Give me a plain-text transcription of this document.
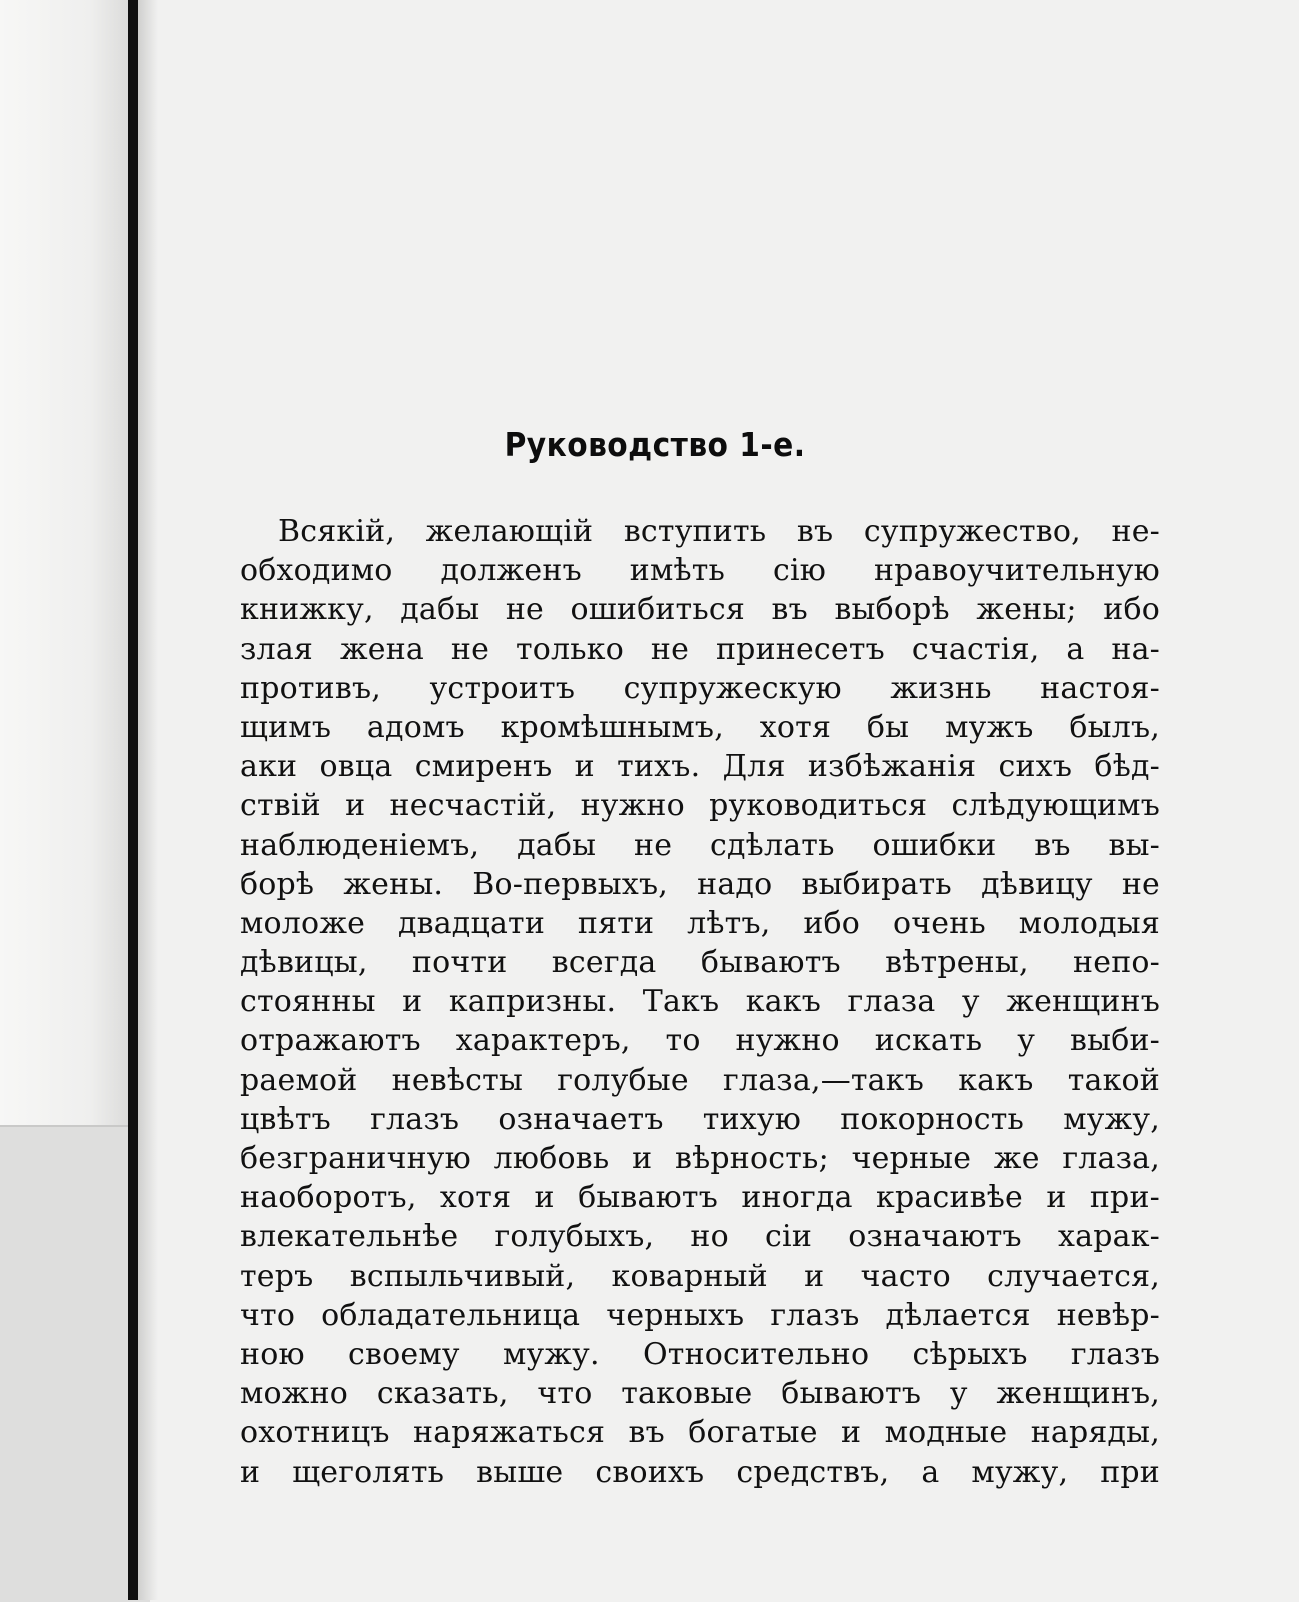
Руководство 1-е.
Всякій, желающій вступить въ супружество, не-
обходимо долженъ имѣть сію нравоучительную
книжку, дабы не ошибиться въ выборѣ жены; ибо
злая жена не только не принесетъ счастія, а на-
противъ, устроитъ супружескую жизнь настоя-
щимъ адомъ кромѣшнымъ, хотя бы мужъ былъ,
аки овца смиренъ и тихъ. Для избѣжанія сихъ бѣд-
ствій и несчастій, нужно руководиться слѣдующимъ
наблюденіемъ, дабы не сдѣлать ошибки въ вы-
борѣ жены. Во-первыхъ, надо выбирать дѣвицу не
моложе двадцати пяти лѣтъ, ибо очень молодыя
дѣвицы, почти всегда бываютъ вѣтрены, непо-
стоянны и капризны. Такъ какъ глаза у женщинъ
отражаютъ характеръ, то нужно искать у выби-
раемой невѣсты голубые глаза,—такъ какъ такой
цвѣтъ глазъ означаетъ тихую покорность мужу,
безграничную любовь и вѣрность; черные же глаза,
наоборотъ, хотя и бываютъ иногда красивѣе и при-
влекательнѣе голубыхъ, но сіи означаютъ харак-
теръ вспыльчивый, коварный и часто случается,
что обладательница черныхъ глазъ дѣлается невѣр-
ною своему мужу. Относительно сѣрыхъ глазъ
можно сказать, что таковые бываютъ у женщинъ,
охотницъ наряжаться въ богатые и модные наряды,
и щеголять выше своихъ средствъ, а мужу, при
